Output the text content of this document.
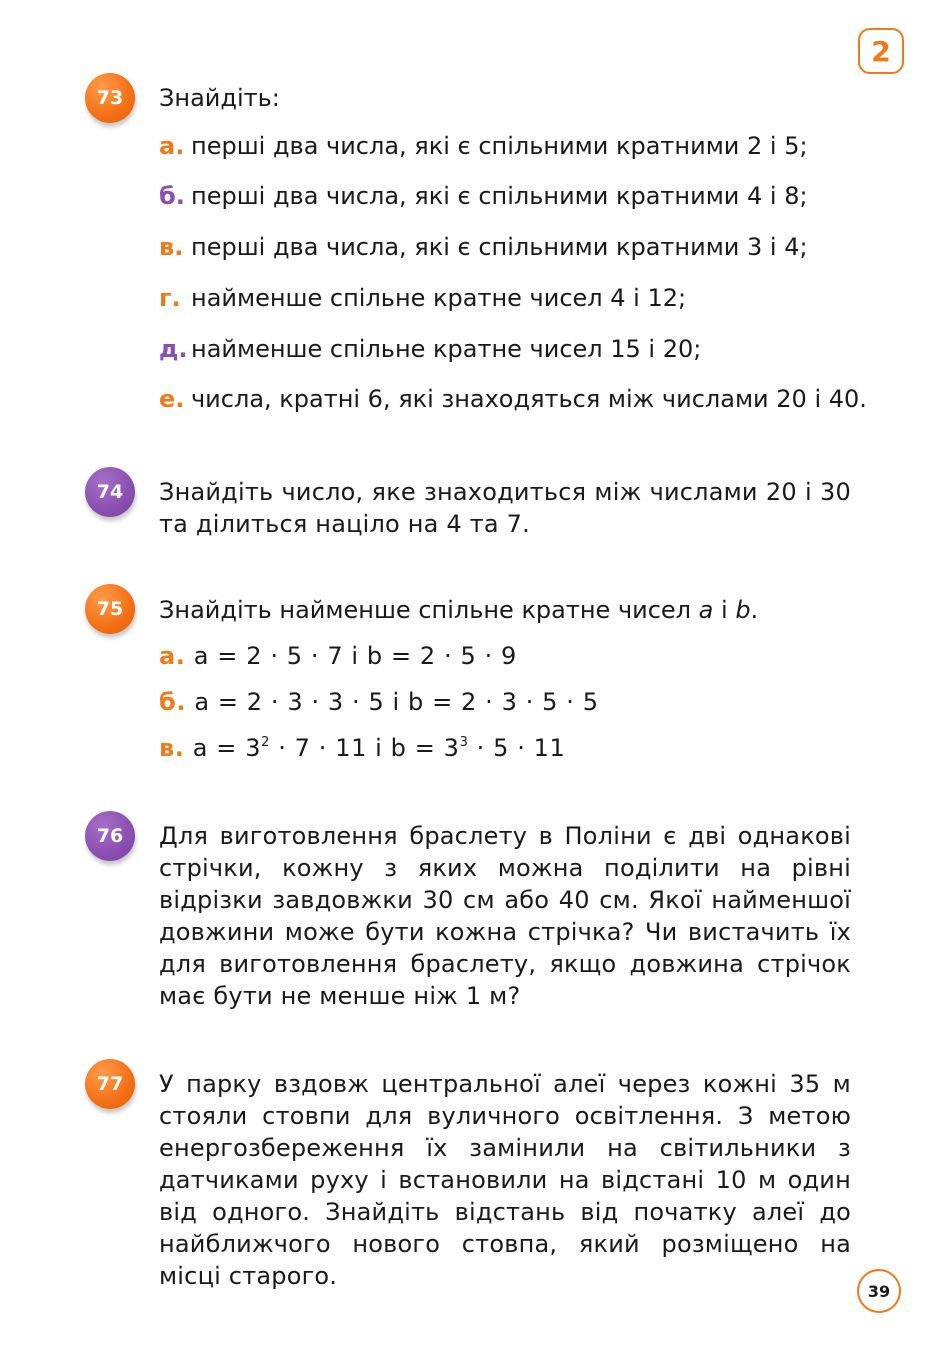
2
73	Знайдіть:
а. перші два числа, які є спільними кратними 2 і 5;
б. перші два числа, які є спільними кратними 4 і 8;
в. перші два числа, які є спільними кратними 3 і 4;
г. найменше спільне кратне чисел 4 і 12;
д. найменше спільне кратне чисел 15 і 20;
е. числа, кратні 6, які знаходяться між числами 20 і 40.
74	Знайдіть число, яке знаходиться між числами 20 і 30 та ділиться націло на 4 та 7.
75	Знайдіть найменше спільне кратне чисел a і b.
а. a = 2 · 5 · 7 і b = 2 · 5 · 9
б. a = 2 · 3 · 3 · 5 і b = 2 · 3 · 5 · 5
в. $a = 3^2 \cdot 7 \cdot 11$ і $b = 3^3 \cdot 5 \cdot 11$
76	Для виготовлення браслету в Поліни є дві однакові стрічки, кожну з яких можна поділити на рівні відрізки завдовжки 30 см або 40 см. Якої найменшої довжини може бути кожна стрічка? Чи вистачить їх для виготовлення браслету, якщо довжина стрічок має бути не менше ніж 1 м?
77	У парку вздовж центральної алеї через кожні 35 м стояли стовпи для вуличного освітлення. З метою енергозбереження їх замінили на світильники з датчиками руху і встановили на відстані 10 м один від одного. Знайдіть відстань від початку алеї до найближчого нового стовпа, який розміщено на місці старого.
39
